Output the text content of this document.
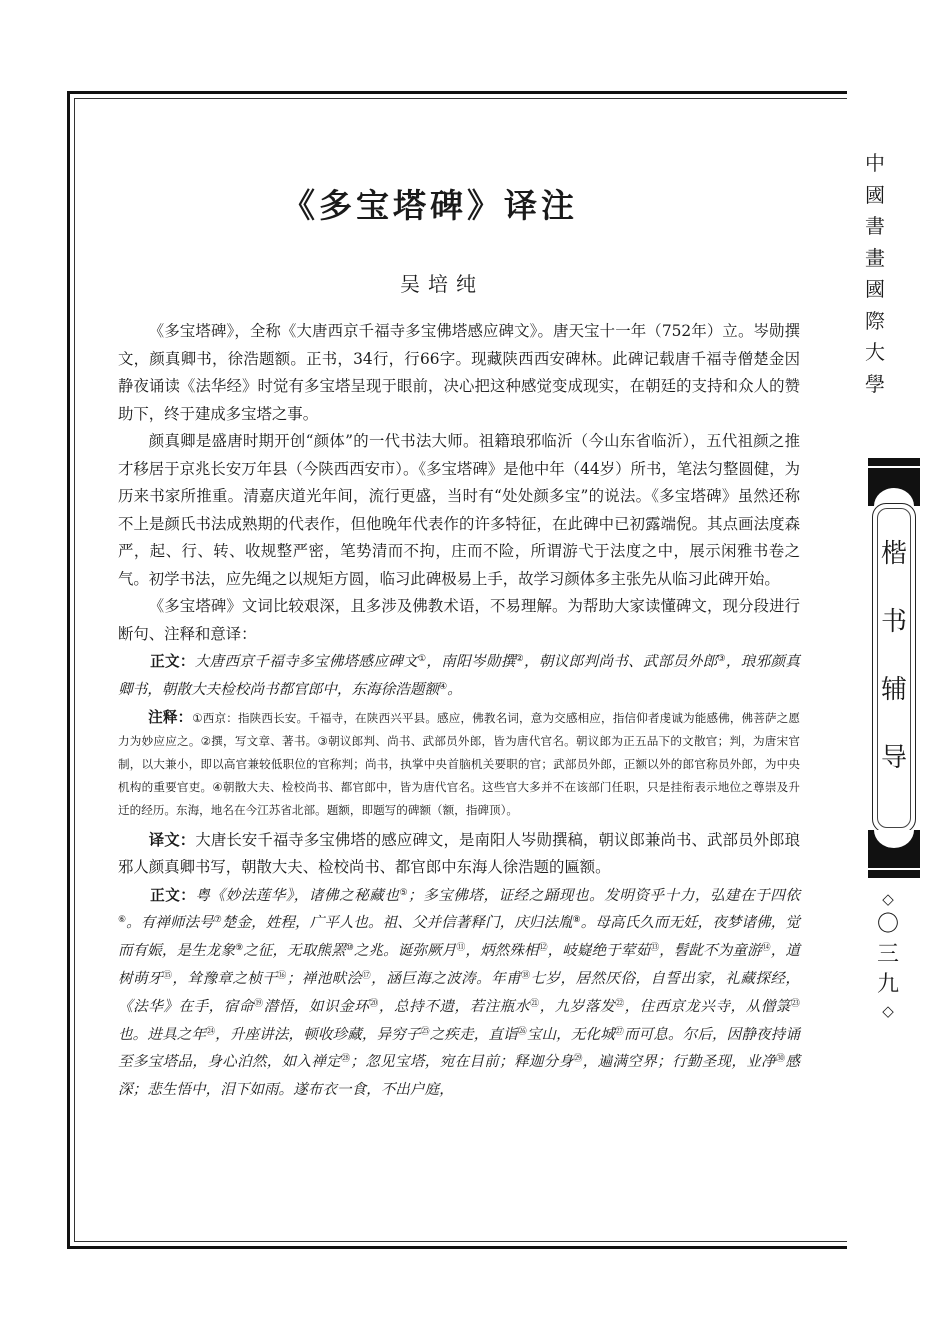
中
國
書
畫
國
際
大
學
楷
书
辅
导
◇
〇
三
九
◇
《多宝塔碑》译注
吴培纯

《多宝塔碑》，全称《大唐西京千福寺多宝佛塔感应碑文》。唐天宝十一年（752年）立。岑勋撰文，颜真卿书，徐浩题额。正书，34行，行66字。现藏陕西西安碑林。此碑记载唐千福寺僧楚金因静夜诵读《法华经》时觉有多宝塔呈现于眼前，决心把这种感觉变成现实，在朝廷的支持和众人的赞助下，终于建成多宝塔之事。

颜真卿是盛唐时期开创“颜体”的一代书法大师。祖籍琅邪临沂（今山东省临沂），五代祖颜之推才移居于京兆长安万年县（今陕西西安市）。《多宝塔碑》是他中年（44岁）所书，笔法匀整圆健，为历来书家所推重。清嘉庆道光年间，流行更盛，当时有“处处颜多宝”的说法。《多宝塔碑》虽然还称不上是颜氏书法成熟期的代表作，但他晚年代表作的许多特征，在此碑中已初露端倪。其点画法度森严，起、行、转、收规整严密，笔势清而不拘，庄而不险，所谓游弋于法度之中，展示闲雅书卷之气。初学书法，应先绳之以规矩方圆，临习此碑极易上手，故学习颜体多主张先从临习此碑开始。

《多宝塔碑》文词比较艰深，且多涉及佛教术语，不易理解。为帮助大家读懂碑文，现分段进行断句、注释和意译：

正文：大唐西京千福寺多宝佛塔感应碑文①，南阳岑勋撰②，朝议郎判尚书、武部员外郎③，琅邪颜真卿书，朝散大夫检校尚书都官郎中，东海徐浩题额④。

注释：①西京：指陕西长安。千福寺，在陕西兴平县。感应，佛教名词，意为交感相应，指信仰者虔诚为能感佛，佛菩萨之愿力为妙应应之。②撰，写文章、著书。③朝议郎判、尚书、武部员外郎，皆为唐代官名。朝议郎为正五品下的文散官；判，为唐宋官制，以大兼小，即以高官兼较低职位的官称判；尚书，执掌中央首脑机关要职的官；武部员外郎，正额以外的郎官称员外郎，为中央机构的重要官吏。④朝散大夫、检校尚书、都官郎中，皆为唐代官名。这些官大多并不在该部门任职，只是挂衔表示地位之尊崇及升迁的经历。东海，地名在今江苏省北部。题额，即题写的碑额（额，指碑顶）。

译文：大唐长安千福寺多宝佛塔的感应碑文，是南阳人岑勋撰稿，朝议郎兼尚书、武部员外郎琅邪人颜真卿书写，朝散大夫、检校尚书、都官郎中东海人徐浩题的匾额。

正文：粤《妙法莲华》，诸佛之秘藏也⑤；多宝佛塔，证经之踊现也。发明资乎十力，弘建在于四依⑥。有禅师法号⑦楚金，姓程，广平人也。祖、父并信著释门，庆归法胤⑧。母高氏久而无妊，夜梦诸佛，觉而有娠，是生龙象⑨之征，无取熊罴⑩之兆。诞弥厥月⑪，炳然殊相⑫，岐嶷绝于荤茹⑬，髫龀不为童游⑭，道树萌牙⑮，耸豫章之桢干⑯；禅池畎浍⑰，涵巨海之波涛。年甫⑱七岁，居然厌俗，自誓出家，礼藏探经，《法华》在手，宿命⑲潜悟，如识金环⑳，总持不遗，若注瓶水$^㉑$，九岁落发$^㉒$，住西京龙兴寺，从僧箓$^㉓$也。进具之年$^㉔$，升座讲法，顿收珍藏，异穷子$^㉕$之疾走，直诣$^㉖$宝山，无化城$^㉗$而可息。尔后，因静夜持诵至多宝塔品，身心泊然，如入禅定$^㉘$；忽见宝塔，宛在目前；释迦分身$^㉙$，遍满空界；行勤圣现，业净$^㉚$感深；悲生悟中，泪下如雨。遂布衣一食，不出户庭，
